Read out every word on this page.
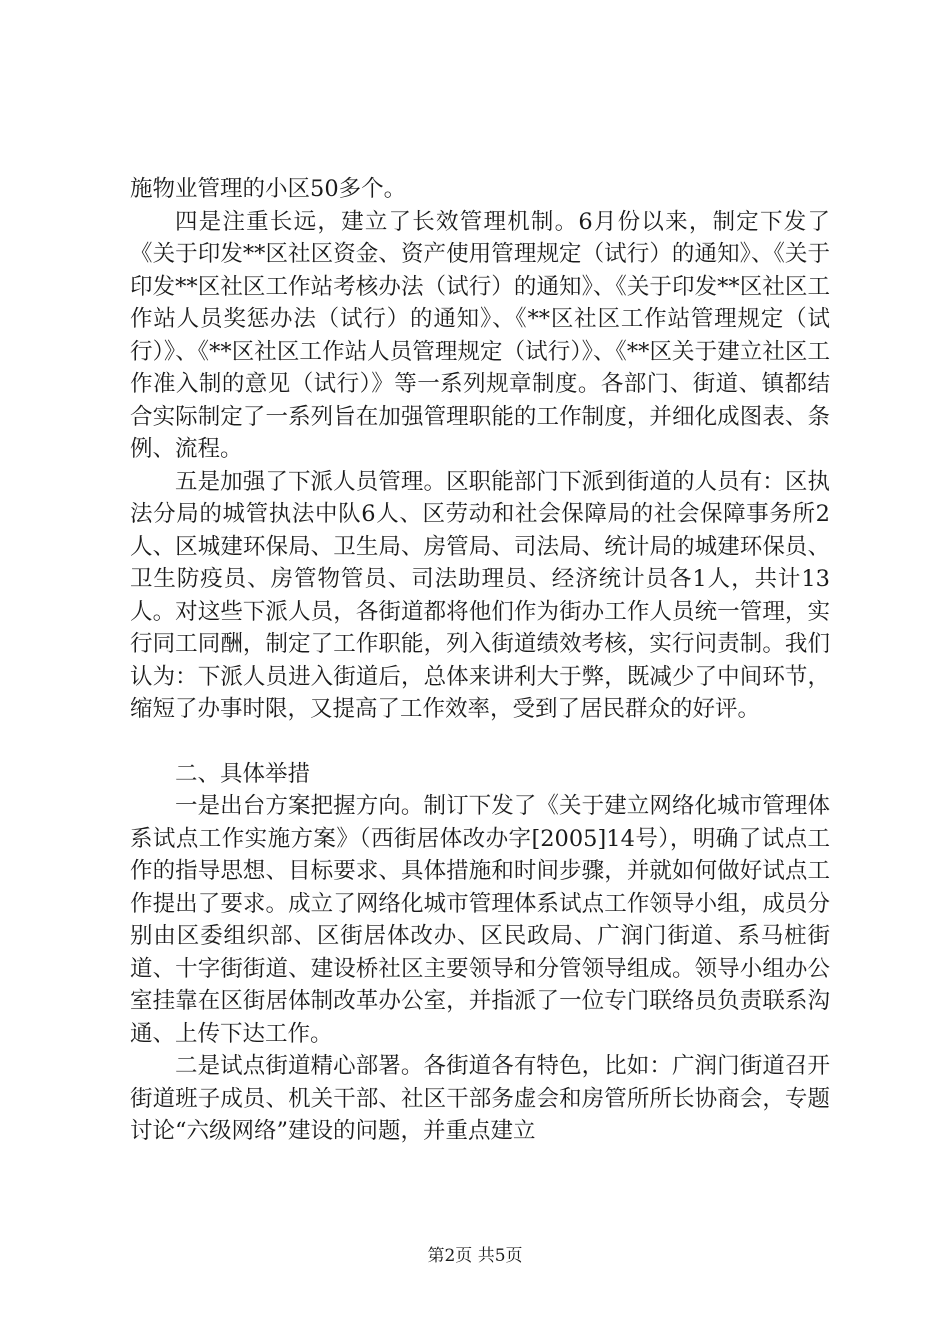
施物业管理的小区50多个。

四是注重长远，建立了长效管理机制。6月份以来，制定下发了《关于印发**区社区资金、资产使用管理规定（试行）的通知》、《关于印发**区社区工作站考核办法（试行）的通知》、《关于印发**区社区工作站人员奖惩办法（试行）的通知》、《**区社区工作站管理规定（试行）》、《**区社区工作站人员管理规定（试行）》、《**区关于建立社区工作准入制的意见（试行）》等一系列规章制度。各部门、街道、镇都结合实际制定了一系列旨在加强管理职能的工作制度，并细化成图表、条例、流程。

五是加强了下派人员管理。区职能部门下派到街道的人员有：区执法分局的城管执法中队6人、区劳动和社会保障局的社会保障事务所2人、区城建环保局、卫生局、房管局、司法局、统计局的城建环保员、卫生防疫员、房管物管员、司法助理员、经济统计员各1人，共计13人。对这些下派人员，各街道都将他们作为街办工作人员统一管理，实行同工同酬，制定了工作职能，列入街道绩效考核，实行问责制。我们认为：下派人员进入街道后，总体来讲利大于弊，既减少了中间环节，缩短了办事时限，又提高了工作效率，受到了居民群众的好评。

二、具体举措

一是出台方案把握方向。制订下发了《关于建立网络化城市管理体系试点工作实施方案》（西街居体改办字[2005]14号），明确了试点工作的指导思想、目标要求、具体措施和时间步骤，并就如何做好试点工作提出了要求。成立了网络化城市管理体系试点工作领导小组，成员分别由区委组织部、区街居体改办、区民政局、广润门街道、系马桩街道、十字街街道、建设桥社区主要领导和分管领导组成。领导小组办公室挂靠在区街居体制改革办公室，并指派了一位专门联络员负责联系沟通、上传下达工作。

二是试点街道精心部署。各街道各有特色，比如：广润门街道召开街道班子成员、机关干部、社区干部务虚会和房管所所长协商会，专题讨论“六级网络”建设的问题，并重点建立

第2页 共5页
